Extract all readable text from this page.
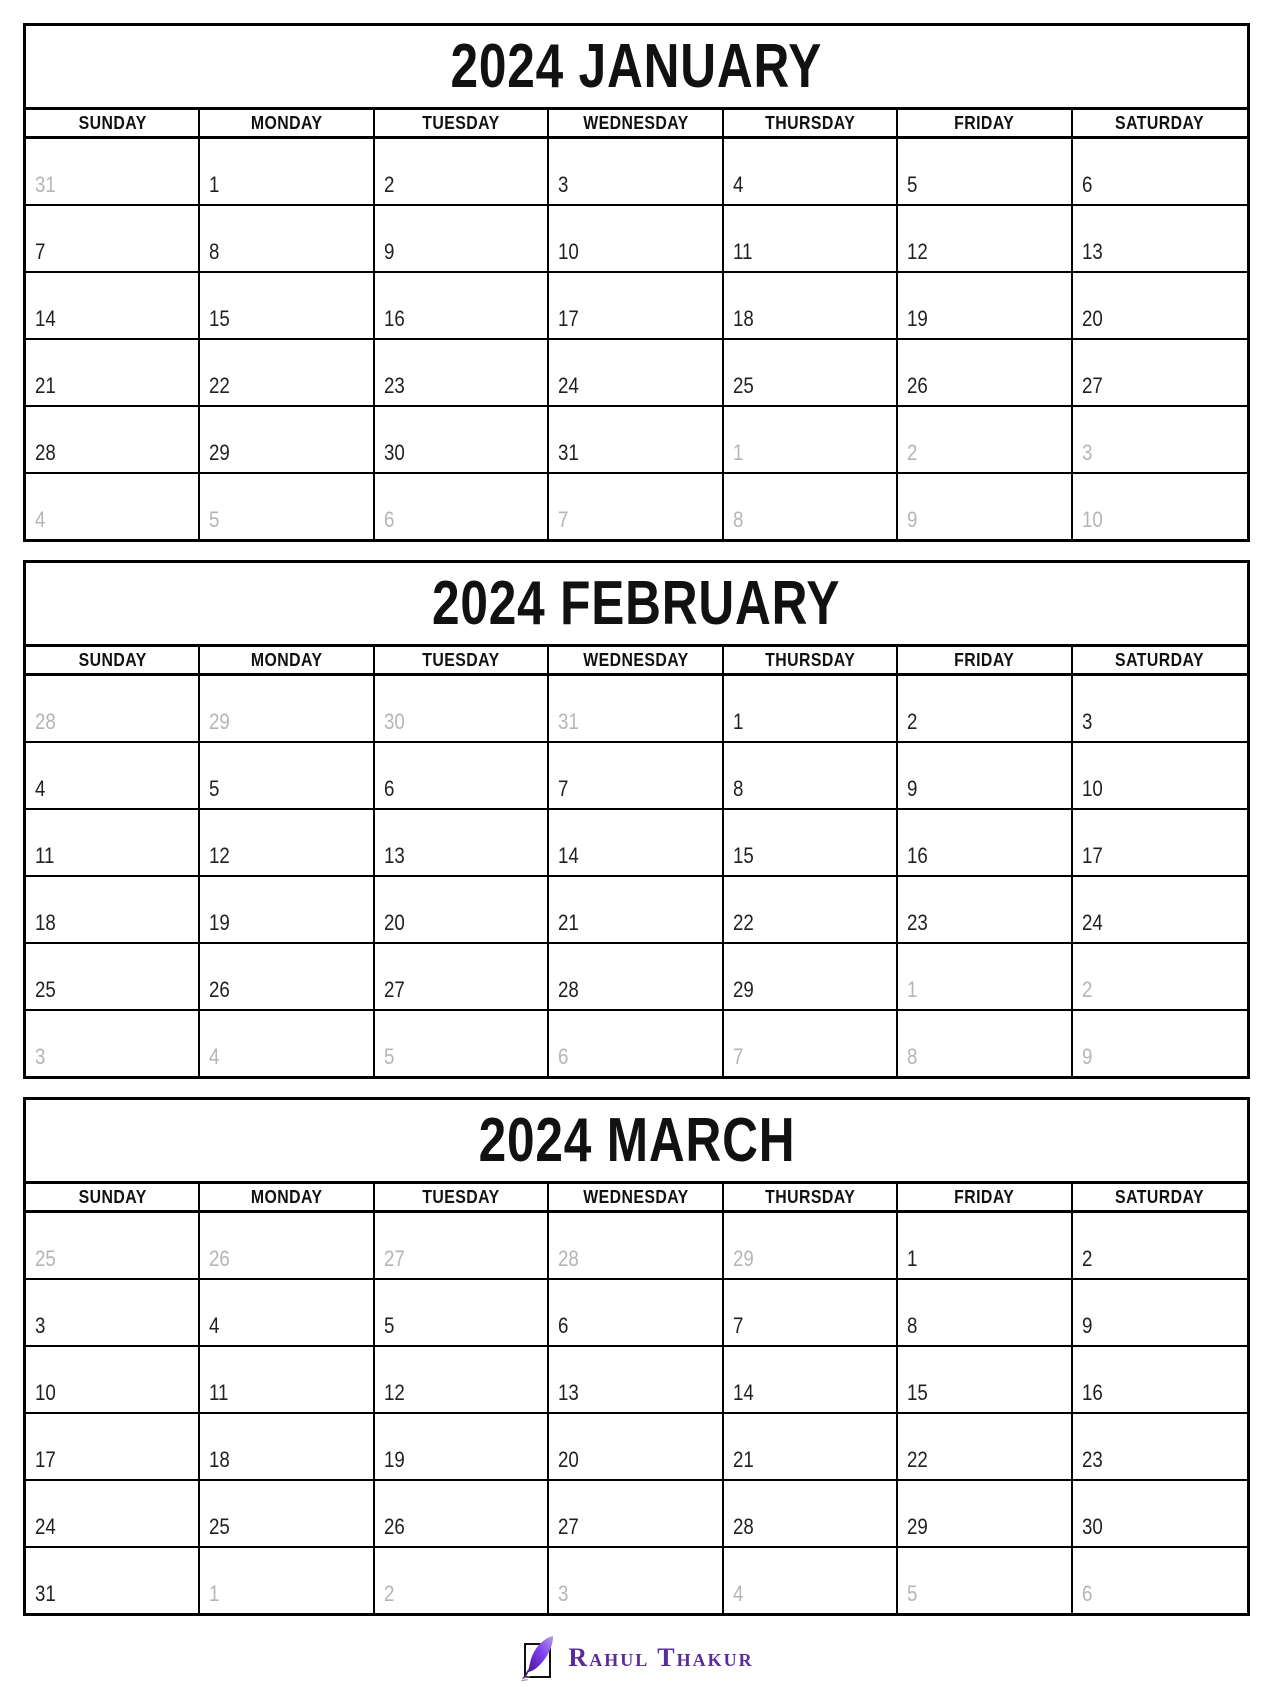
2024 JANUARY
SUNDAY	MONDAY	TUESDAY	WEDNESDAY	THURSDAY	FRIDAY	SATURDAY
31	1	2	3	4	5	6
7	8	9	10	11	12	13
14	15	16	17	18	19	20
21	22	23	24	25	26	27
28	29	30	31	1	2	3
4	5	6	7	8	9	10
2024 FEBRUARY
SUNDAY	MONDAY	TUESDAY	WEDNESDAY	THURSDAY	FRIDAY	SATURDAY
28	29	30	31	1	2	3
4	5	6	7	8	9	10
11	12	13	14	15	16	17
18	19	20	21	22	23	24
25	26	27	28	29	1	2
3	4	5	6	7	8	9
2024 MARCH
SUNDAY	MONDAY	TUESDAY	WEDNESDAY	THURSDAY	FRIDAY	SATURDAY
25	26	27	28	29	1	2
3	4	5	6	7	8	9
10	11	12	13	14	15	16
17	18	19	20	21	22	23
24	25	26	27	28	29	30
31	1	2	3	4	5	6
Rahul Thakur
